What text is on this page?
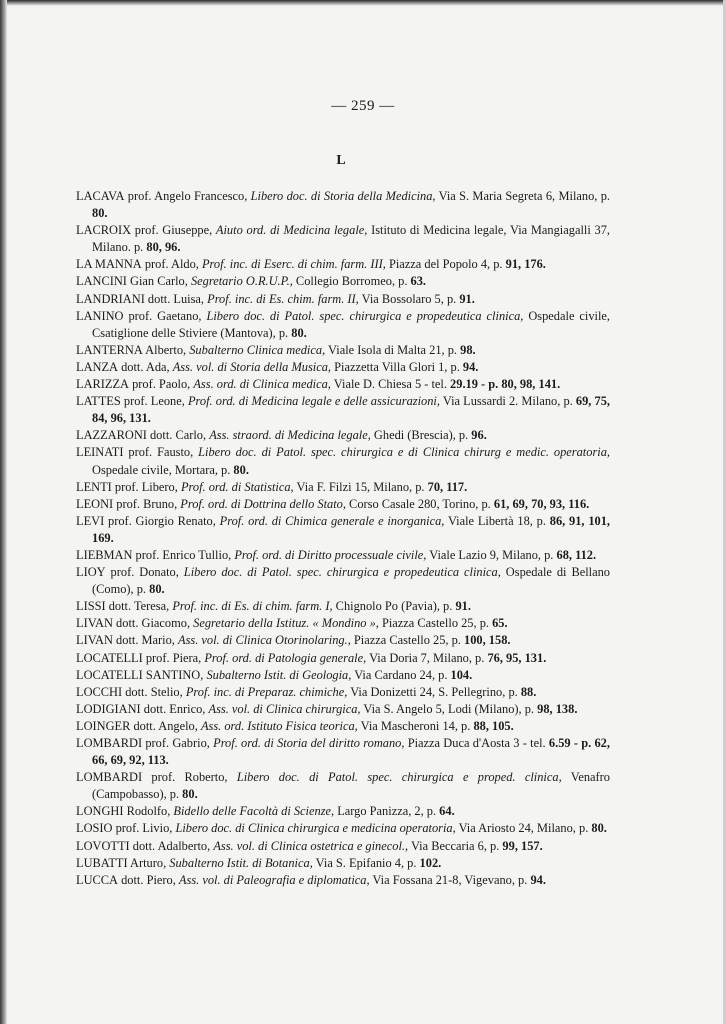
— 259 —
L

LACAVA prof. Angelo Francesco, Libero doc. di Storia della Medicina, Via S. Maria Segreta 6, Milano, p. 80.

LACROIX prof. Giuseppe, Aiuto ord. di Medicina legale, Istituto di Medicina legale, Via Mangiagalli 37, Milano. p. 80, 96.

LA MANNA prof. Aldo, Prof. inc. di Eserc. di chim. farm. III, Piazza del Popolo 4, p. 91, 176.

LANCINI Gian Carlo, Segretario O.R.U.P., Collegio Borromeo, p. 63.

LANDRIANI dott. Luisa, Prof. inc. di Es. chim. farm. II, Via Bossolaro 5, p. 91.

LANINO prof. Gaetano, Libero doc. di Patol. spec. chirurgica e propedeutica clinica, Ospedale civile, Csatiglione delle Stiviere (Mantova), p. 80.

LANTERNA Alberto, Subalterno Clinica medica, Viale Isola di Malta 21, p. 98.

LANZA dott. Ada, Ass. vol. di Storia della Musica, Piazzetta Villa Glori 1, p. 94.

LARIZZA prof. Paolo, Ass. ord. di Clinica medica, Viale D. Chiesa 5 - tel. 29.19 - p. 80, 98, 141.

LATTES prof. Leone, Prof. ord. di Medicina legale e delle assicurazioni, Via Lussardi 2. Milano, p. 69, 75, 84, 96, 131.

LAZZARONI dott. Carlo, Ass. straord. di Medicina legale, Ghedi (Brescia), p. 96.

LEINATI prof. Fausto, Libero doc. di Patol. spec. chirurgica e di Clinica chirurg e medic. operatoria, Ospedale civile, Mortara, p. 80.

LENTI prof. Libero, Prof. ord. di Statistica, Via F. Filzi 15, Milano, p. 70, 117.

LEONI prof. Bruno, Prof. ord. di Dottrina dello Stato, Corso Casale 280, Torino, p. 61, 69, 70, 93, 116.

LEVI prof. Giorgio Renato, Prof. ord. di Chimica generale e inorganica, Viale Libertà 18, p. 86, 91, 101, 169.

LIEBMAN prof. Enrico Tullio, Prof. ord. di Diritto processuale civile, Viale Lazio 9, Milano, p. 68, 112.

LIOY prof. Donato, Libero doc. di Patol. spec. chirurgica e propedeutica clinica, Ospedale di Bellano (Como), p. 80.

LISSI dott. Teresa, Prof. inc. di Es. di chim. farm. I, Chignolo Po (Pavia), p. 91.

LIVAN dott. Giacomo, Segretario della Istituz. « Mondino », Piazza Castello 25, p. 65.

LIVAN dott. Mario, Ass. vol. di Clinica Otorinolaring., Piazza Castello 25, p. 100, 158.

LOCATELLI prof. Piera, Prof. ord. di Patologia generale, Via Doria 7, Milano, p. 76, 95, 131.

LOCATELLI SANTINO, Subalterno Istit. di Geologia, Via Cardano 24, p. 104.

LOCCHI dott. Stelio, Prof. inc. di Preparaz. chimiche, Via Donizetti 24, S. Pellegrino, p. 88.

LODIGIANI dott. Enrico, Ass. vol. di Clinica chirurgica, Via S. Angelo 5, Lodi (Milano), p. 98, 138.

LOINGER dott. Angelo, Ass. ord. Istituto Fisica teorica, Via Mascheroni 14, p. 88, 105.

LOMBARDI prof. Gabrio, Prof. ord. di Storia del diritto romano, Piazza Duca d'Aosta 3 - tel. 6.59 - p. 62, 66, 69, 92, 113.

LOMBARDI prof. Roberto, Libero doc. di Patol. spec. chirurgica e proped. clinica, Venafro (Campobasso), p. 80.

LONGHI Rodolfo, Bidello delle Facoltà di Scienze, Largo Panizza, 2, p. 64.

LOSIO prof. Livio, Libero doc. di Clinica chirurgica e medicina operatoria, Via Ariosto 24, Milano, p. 80.

LOVOTTI dott. Adalberto, Ass. vol. di Clinica ostetrica e ginecol., Via Beccaria 6, p. 99, 157.

LUBATTI Arturo, Subalterno Istit. di Botanica, Via S. Epifanio 4, p. 102.

LUCCA dott. Piero, Ass. vol. di Paleografia e diplomatica, Via Fossana 21-8, Vigevano, p. 94.
